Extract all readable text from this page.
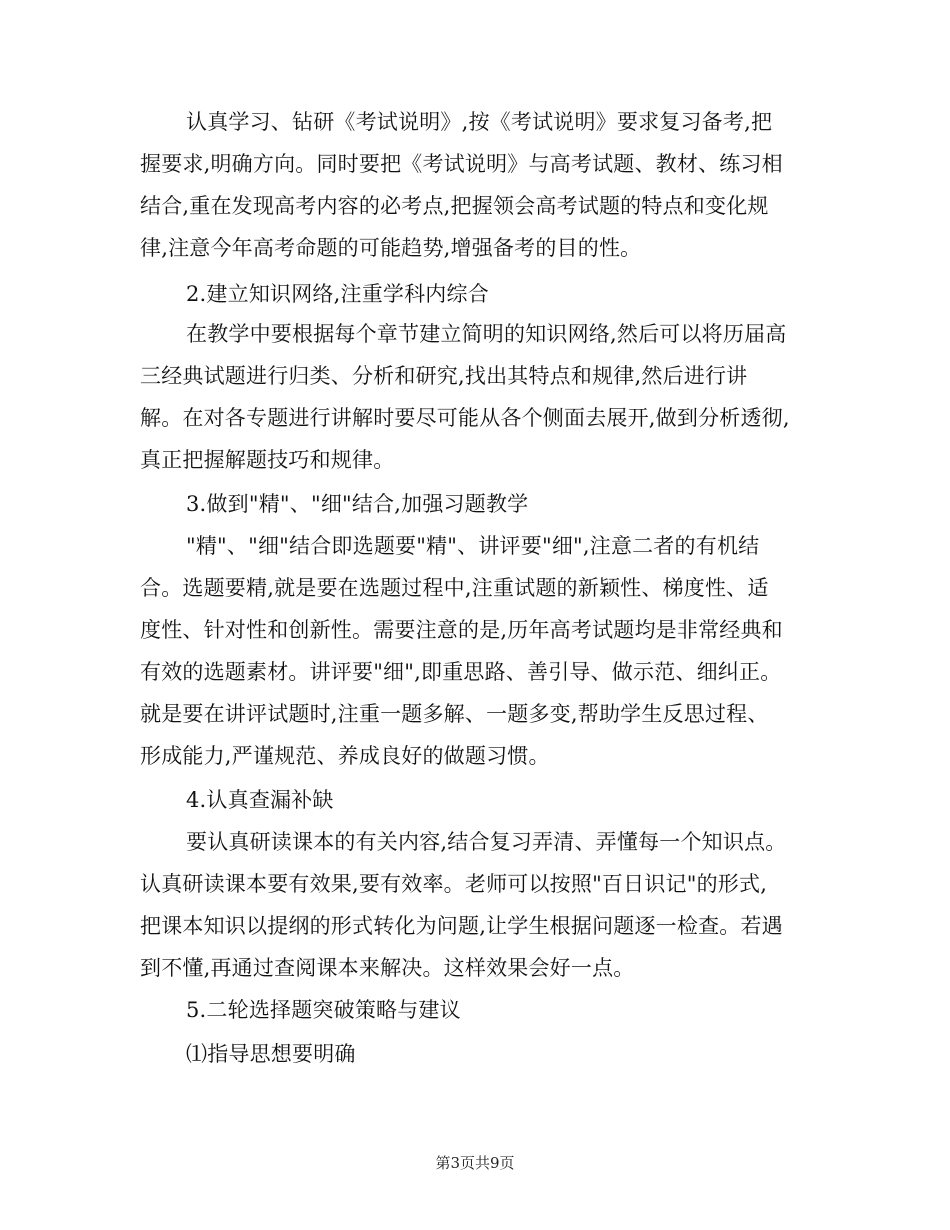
认真学习、钻研《考试说明》,按《考试说明》要求复习备考,把
握要求,明确方向。同时要把《考试说明》与高考试题、教材、练习相
结合,重在发现高考内容的必考点,把握领会高考试题的特点和变化规
律,注意今年高考命题的可能趋势,增强备考的目的性。
2.建立知识网络,注重学科内综合
在教学中要根据每个章节建立简明的知识网络,然后可以将历届高
三经典试题进行归类、分析和研究,找出其特点和规律,然后进行讲
解。在对各专题进行讲解时要尽可能从各个侧面去展开,做到分析透彻,
真正把握解题技巧和规律。
3.做到"精"、"细"结合,加强习题教学
"精"、"细"结合即选题要"精"、讲评要"细",注意二者的有机结
合。选题要精,就是要在选题过程中,注重试题的新颖性、梯度性、适
度性、针对性和创新性。需要注意的是,历年高考试题均是非常经典和
有效的选题素材。讲评要"细",即重思路、善引导、做示范、细纠正。
就是要在讲评试题时,注重一题多解、一题多变,帮助学生反思过程、
形成能力,严谨规范、养成良好的做题习惯。
4.认真查漏补缺
要认真研读课本的有关内容,结合复习弄清、弄懂每一个知识点。
认真研读课本要有效果,要有效率。老师可以按照"百日识记"的形式,
把课本知识以提纲的形式转化为问题,让学生根据问题逐一检查。若遇
到不懂,再通过查阅课本来解决。这样效果会好一点。
5.二轮选择题突破策略与建议
⑴指导思想要明确
第3页共9页
